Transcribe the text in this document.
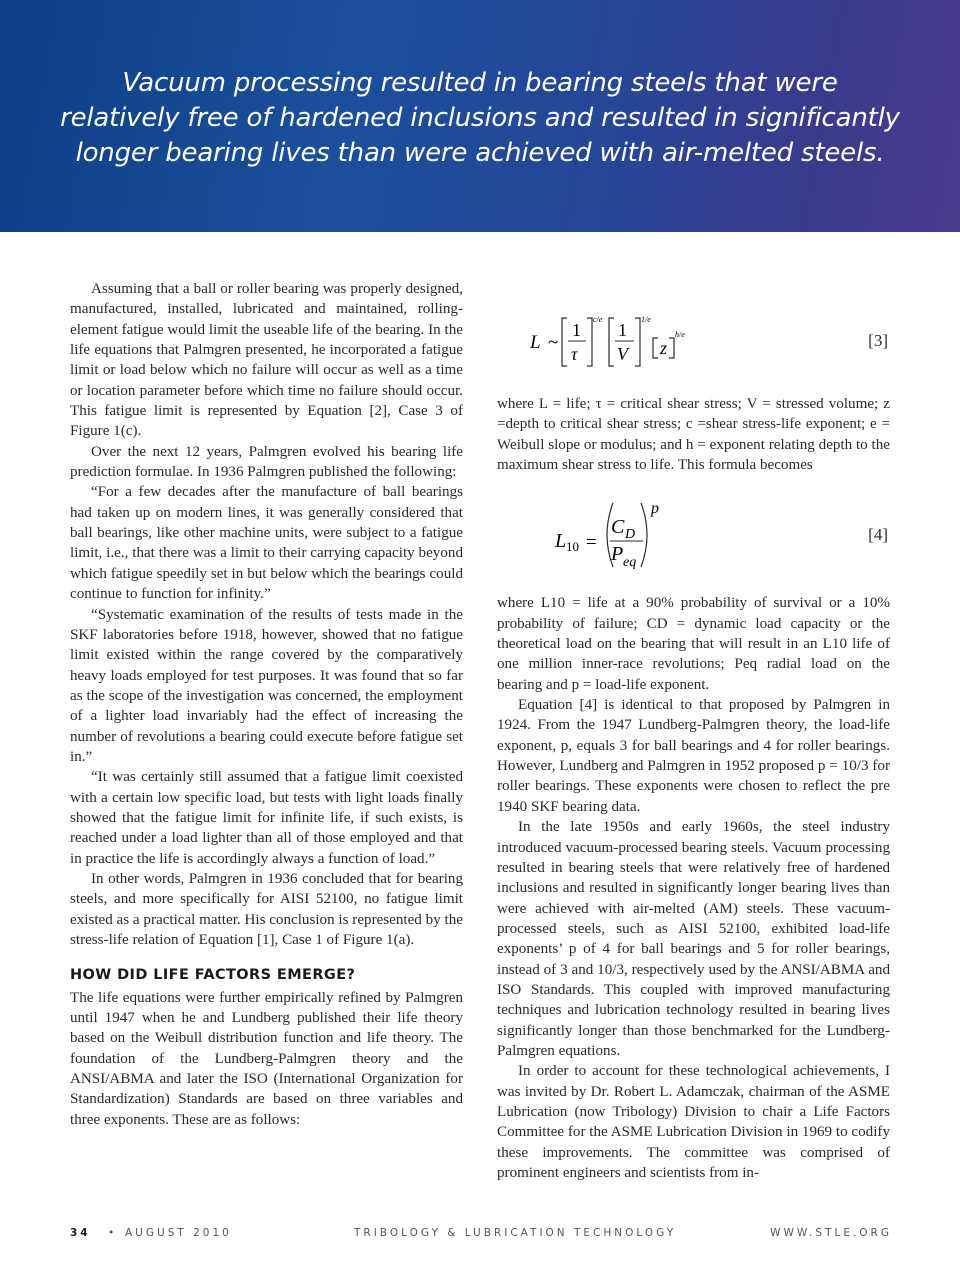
Vacuum processing resulted in bearing steels that were relatively free of hardened inclusions and resulted in significantly longer bearing lives than were achieved with air-melted steels.

Assuming that a ball or roller bearing was properly designed, manufactured, installed, lubricated and maintained, rolling-element fatigue would limit the useable life of the bearing. In the life equations that Palmgren presented, he incorporated a fatigue limit or load below which no failure will occur as well as a time or location parameter before which time no failure should occur. This fatigue limit is represented by Equation [2], Case 3 of Figure 1(c).

Over the next 12 years, Palmgren evolved his bearing life prediction formulae. In 1936 Palmgren published the following:

“For a few decades after the manufacture of ball bearings had taken up on modern lines, it was generally considered that ball bearings, like other machine units, were subject to a fatigue limit, i.e., that there was a limit to their carrying capacity beyond which fatigue speedily set in but below which the bearings could continue to function for infinity.”

“Systematic examination of the results of tests made in the SKF laboratories before 1918, however, showed that no fatigue limit existed within the range covered by the comparatively heavy loads employed for test purposes. It was found that so far as the scope of the investigation was concerned, the employment of a lighter load invariably had the effect of increasing the number of revolutions a bearing could execute before fatigue set in.”

“It was certainly still assumed that a fatigue limit coexisted with a certain low specific load, but tests with light loads finally showed that the fatigue limit for infinite life, if such exists, is reached under a load lighter than all of those employed and that in practice the life is accordingly always a function of load.”

In other words, Palmgren in 1936 concluded that for bearing steels, and more specifically for AISI 52100, no fatigue limit existed as a practical matter. His conclusion is represented by the stress-life relation of Equation [1], Case 1 of Figure 1(a).

HOW DID LIFE FACTORS EMERGE?

The life equations were further empirically refined by Palmgren until 1947 when he and Lundberg published their life theory based on the Weibull distribution function and life theory. The foundation of the Lundberg-Palmgren theory and the ANSI/ABMA and later the ISO (International Organization for Standardization) Standards are based on three variables and three exponents. These are as follows:

L ~
1
τ
c/e
1
V
1/e
z
h/e	[3]

where L = life; τ = critical shear stress; V = stressed volume; z =depth to critical shear stress; c =shear stress-life exponent; e = Weibull slope or modulus; and h = exponent relating depth to the maximum shear stress to life. This formula becomes

L 10 =
C D
P eq
p
[4]

where L10 = life at a 90% probability of survival or a 10% probability of failure; CD = dynamic load capacity or the theoretical load on the bearing that will result in an L10 life of one million inner-race revolutions; Peq radial load on the bearing and p = load-life exponent.

Equation [4] is identical to that proposed by Palmgren in 1924. From the 1947 Lundberg-Palmgren theory, the load-life exponent, p, equals 3 for ball bearings and 4 for roller bearings. However, Lundberg and Palmgren in 1952 proposed p = 10/3 for roller bearings. These exponents were chosen to reflect the pre 1940 SKF bearing data.

In the late 1950s and early 1960s, the steel industry introduced vacuum-processed bearing steels. Vacuum processing resulted in bearing steels that were relatively free of hardened inclusions and resulted in significantly longer bearing lives than were achieved with air-melted (AM) steels. These vacuum-processed steels, such as AISI 52100, exhibited load-life exponents’ p of 4 for ball bearings and 5 for roller bearings, instead of 3 and 10/3, respectively used by the ANSI/ABMA and ISO Standards. This coupled with improved manufacturing techniques and lubrication technology resulted in bearing lives significantly longer than those benchmarked for the Lundberg-Palmgren equations.

In order to account for these technological achievements, I was invited by Dr. Robert L. Adamczak, chairman of the ASME Lubrication (now Tribology) Division to chair a Life Factors Committee for the ASME Lubrication Division in 1969 to codify these improvements. The committee was comprised of prominent engineers and scientists from in-

34 • AUGUST 2010	TRIBOLOGY & LUBRICATION TECHNOLOGY	WWW.STLE.ORG
